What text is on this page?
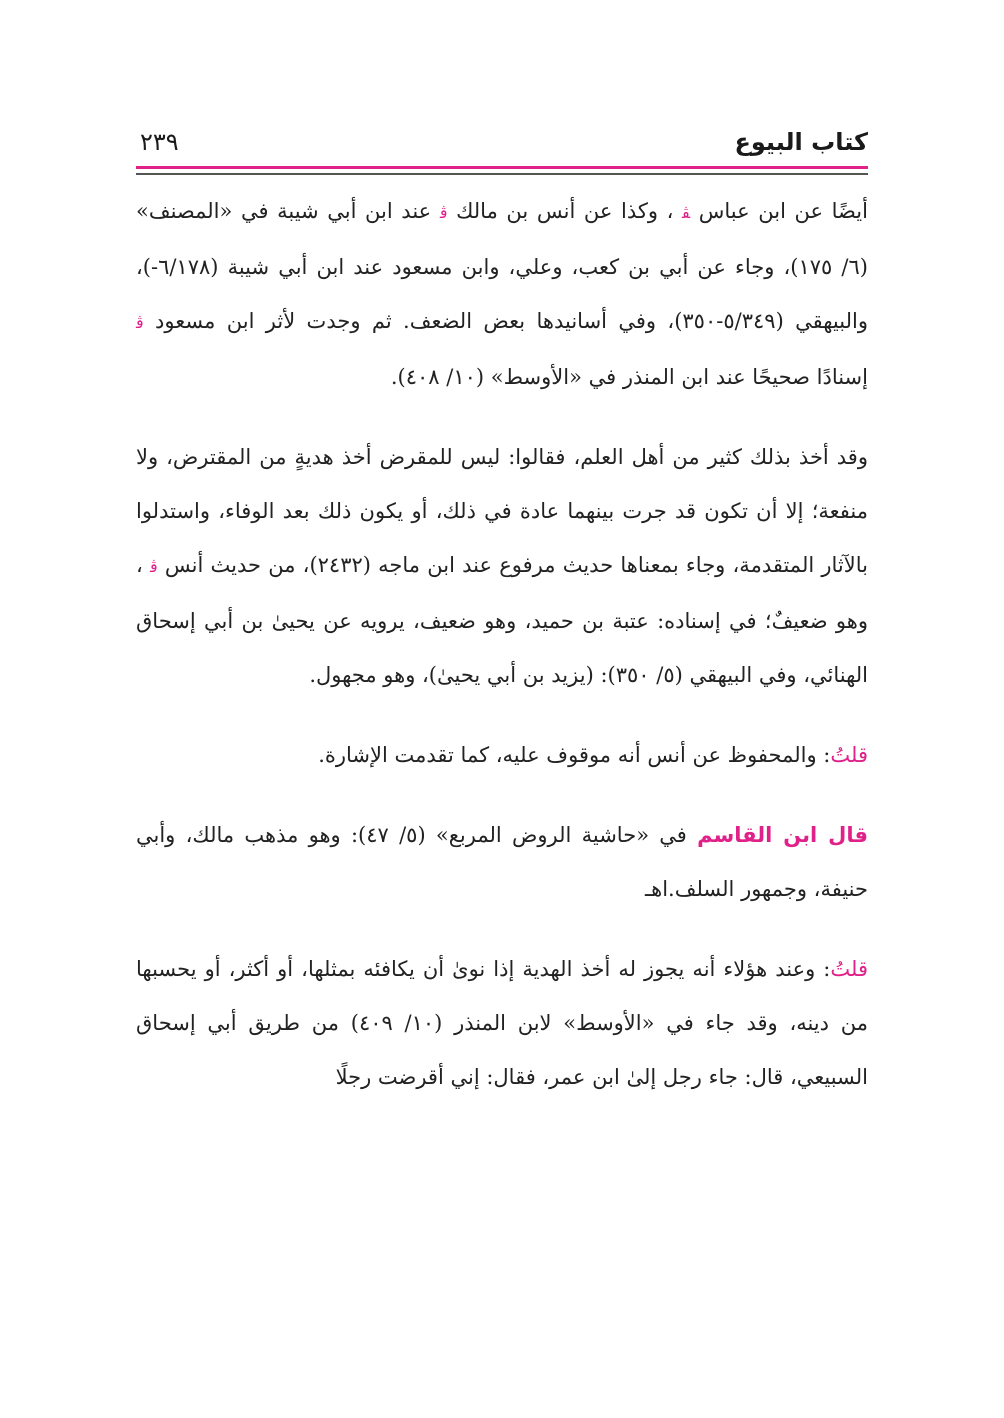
كتاب البيوع
٢٣٩

أيضًا عن ابن عباس ﭭ ، وكذا عن أنس بن مالك ﭬ عند ابن أبي شيبة في «المصنف» (٦/ ١٧٥)، وجاء عن أبي بن كعب، وعلي، وابن مسعود عند ابن أبي شيبة (٦/١٧٨-)، والبيهقي (٥/٣٤٩-٣٥٠)، وفي أسانيدها بعض الضعف. ثم وجدت لأثر ابن مسعود ﭬ إسنادًا صحيحًا عند ابن المنذر في «الأوسط» (١٠/ ٤٠٨).

وقد أخذ بذلك كثير من أهل العلم، فقالوا: ليس للمقرض أخذ هديةٍ من المقترض، ولا منفعة؛ إلا أن تكون قد جرت بينهما عادة في ذلك، أو يكون ذلك بعد الوفاء، واستدلوا بالآثار المتقدمة، وجاء بمعناها حديث مرفوع عند ابن ماجه (٢٤٣٢)، من حديث أنس ﭬ ، وهو ضعيفٌ؛ في إسناده: عتبة بن حميد، وهو ضعيف، يرويه عن يحيىٰ بن أبي إسحاق الهنائي، وفي البيهقي (٥/ ٣٥٠): (يزيد بن أبي يحيىٰ)، وهو مجهول.

قلتُ: والمحفوظ عن أنس أنه موقوف عليه، كما تقدمت الإشارة.

قال ابن القاسم في «حاشية الروض المربع» (٥/ ٤٧): وهو مذهب مالك، وأبي حنيفة، وجمهور السلف.اهـ

قلتُ: وعند هؤلاء أنه يجوز له أخذ الهدية إذا نوىٰ أن يكافئه بمثلها، أو أكثر، أو يحسبها من دينه، وقد جاء في «الأوسط» لابن المنذر (١٠/ ٤٠٩) من طريق أبي إسحاق السبيعي، قال: جاء رجل إلىٰ ابن عمر، فقال: إني أقرضت رجلًا
